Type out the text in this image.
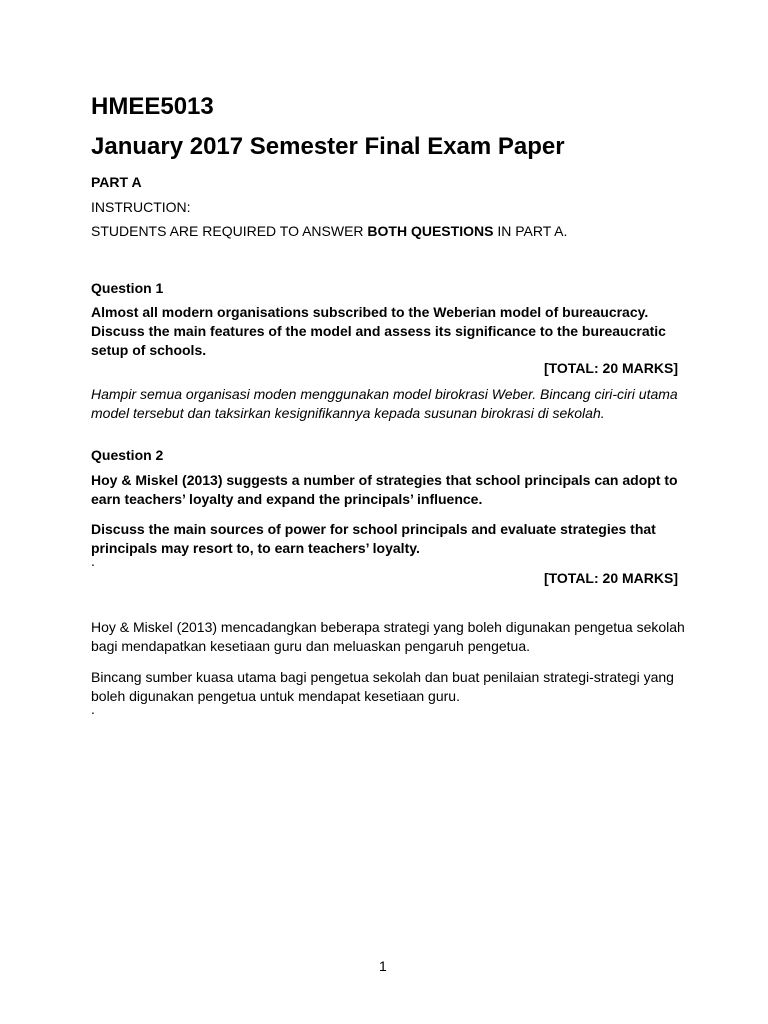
HMEE5013
January 2017 Semester Final Exam Paper
PART A
INSTRUCTION:
STUDENTS ARE REQUIRED TO ANSWER BOTH QUESTIONS IN PART A.
Question 1
Almost all modern organisations subscribed to the Weberian model of bureaucracy.
Discuss the main features of the model and assess its significance to the bureaucratic
setup of schools.
[TOTAL: 20 MARKS]
Hampir semua organisasi moden menggunakan model birokrasi Weber. Bincang ciri-ciri utama
model tersebut dan taksirkan kesignifikannya kepada susunan birokrasi di sekolah.
Question 2
Hoy & Miskel (2013) suggests a number of strategies that school principals can adopt to
earn teachers’ loyalty and expand the principals’ influence.
Discuss the main sources of power for school principals and evaluate strategies that
principals may resort to, to earn teachers’ loyalty.
.
[TOTAL: 20 MARKS]
Hoy & Miskel (2013) mencadangkan beberapa strategi yang boleh digunakan pengetua sekolah
bagi mendapatkan kesetiaan guru dan meluaskan pengaruh pengetua.
Bincang sumber kuasa utama bagi pengetua sekolah dan buat penilaian strategi-strategi yang
boleh digunakan pengetua untuk mendapat kesetiaan guru.
.
1
